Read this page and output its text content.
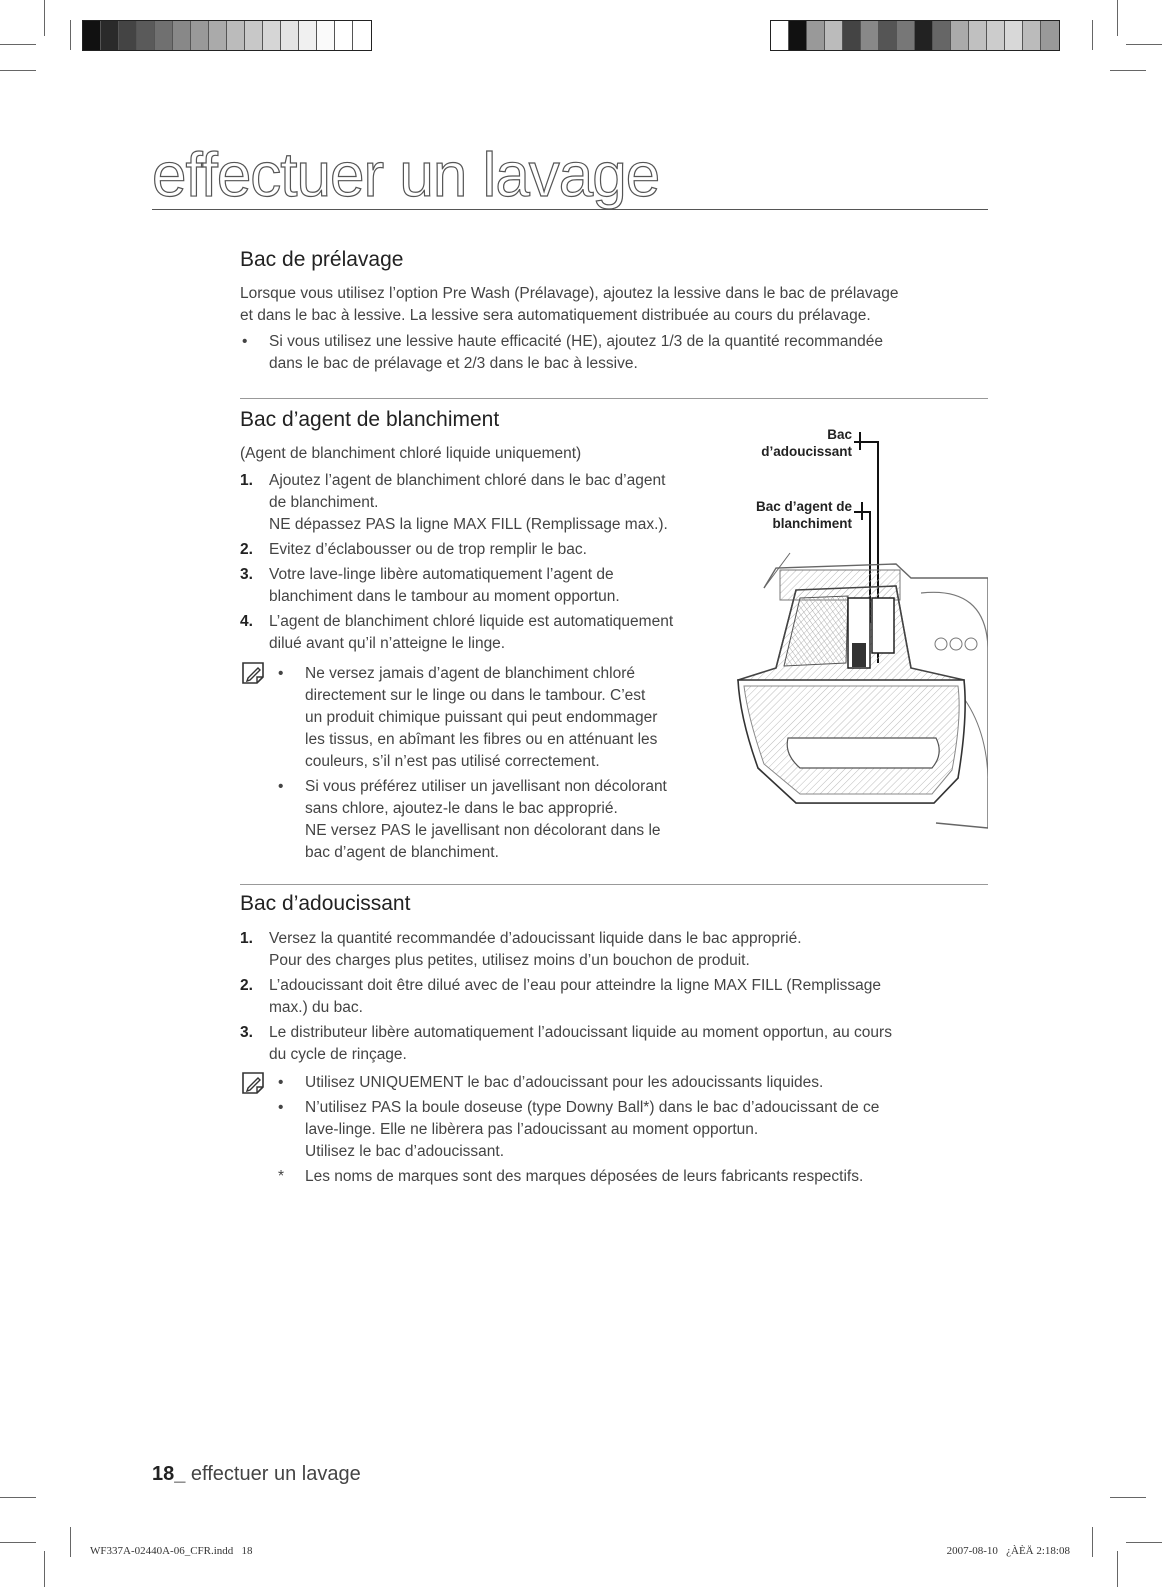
effectuer un lavage
Bac de prélavage
Lorsque vous utilisez l’option Pre Wash (Prélavage), ajoutez la lessive dans le bac de prélavage
et dans le bac à lessive. La lessive sera automatiquement distribuée au cours du prélavage.
• Si vous utilisez une lessive haute efficacité (HE), ajoutez 1/3 de la quantité recommandée
dans le bac de prélavage et 2/3 dans le bac à lessive.
Bac d’agent de blanchiment
(Agent de blanchiment chloré liquide uniquement)
1. Ajoutez l’agent de blanchiment chloré dans le bac d’agent
de blanchiment.
NE dépassez PAS la ligne MAX FILL (Remplissage max.).
2. Evitez d’éclabousser ou de trop remplir le bac.
3. Votre lave-linge libère automatiquement l’agent de
blanchiment dans le tambour au moment opportun.
4. L’agent de blanchiment chloré liquide est automatiquement
dilué avant qu’il n’atteigne le linge.
• Ne versez jamais d’agent de blanchiment chloré
directement sur le linge ou dans le tambour. C’est
un produit chimique puissant qui peut endommager
les tissus, en abîmant les fibres ou en atténuant les
couleurs, s’il n’est pas utilisé correctement.
• Si vous préférez utiliser un javellisant non décolorant
sans chlore, ajoutez-le dans le bac approprié.
NE versez PAS le javellisant non décolorant dans le
bac d’agent de blanchiment.
Bac
d’adoucissant
Bac d’agent de
blanchiment
Bac d’adoucissant
1. Versez la quantité recommandée d’adoucissant liquide dans le bac approprié.
Pour des charges plus petites, utilisez moins d’un bouchon de produit.
2. L’adoucissant doit être dilué avec de l’eau pour atteindre la ligne MAX FILL (Remplissage
max.) du bac.
3. Le distributeur libère automatiquement l’adoucissant liquide au moment opportun, au cours
du cycle de rinçage.
• Utilisez UNIQUEMENT le bac d’adoucissant pour les adoucissants liquides.
• N’utilisez PAS la boule doseuse (type Downy Ball*) dans le bac d’adoucissant de ce
lave-linge. Elle ne libèrera pas l’adoucissant au moment opportun.
Utilisez le bac d’adoucissant.
* Les noms de marques sont des marques déposées de leurs fabricants respectifs.
18_ effectuer un lavage
WF337A-02440A-06_CFR.indd   18	2007-08-10   ¿ÀÈÄ 2:18:08
